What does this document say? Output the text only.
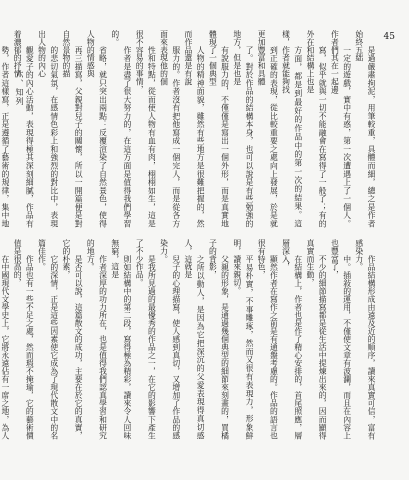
45
六、知列	是過嚴肅拘泥，用筆較重，具體而細，總之是作者始終五絀

一定的遊戲，實中有惑，第一次遭遇上了一個人。作者們其在一起邊

寫，似乎就與一切不能融會在寫得了一般了；有的外在和結構上也是

方面，都是到最好的作品中的第一次的結果。這樣，作者就能夠找

到正確的表現，從比較重要之處向上發展，於是就更加豐富和具體

了。對於作品的結構本身，也可以說是有些勉強的地方，但是也是

有說服力的，不僅僅是寫出一個外形，而是真實地體現了一個典型

人物的精神面貌，雖然有些地方是很難把握的，然而作品還是有說

服力的。作者沒有把他寫成一個完人，而是從各方面來表現他的個

性和特點，從而使人物有血有肉，栩栩如生，這是很不容易的事情，

作者是盡了很大努力的，在這方面是值得我們學習的。

省略，就只突出兩點：反覆渲染了自然景色，使得人物的情感與

再三描寫，父親對兒子的關懷，所以一開篇便是對自然景物的描

的悲切氣氛，在感情色彩上和強烈的對比中，表現出人物的內心

觀愛子的內心活動，表現得極其深刻細膩，作品有着濃郁的抒情

勢，作者這樣寫，正是遵循了藝術的規律，集中地

作品結構形成由遠及近的順序，讀來真實可信，富有感染力。

中。插敍的運用，不僅使文章有波瀾，而且在內容上也豐富了，

不少的細節描寫都是從生活中提煉出來的，因而顯得真實而生動，

在結構上，作者也是作了精心安排的，首尾照應，層層深入，

顯然作者在寫作之前是有通盤考慮的。作品的語言也很有特色，

平易朴實，不事雕琢，然而又很有表現力，形象鮮明，讀來親切。

父親的形象，是通過幾個典型的細節來刻畫的，買橘子的背影，

之所以動人，是因為它把深沉的父愛表現得真切感人，這就是

兒子的心理描寫，使人感到真切，又增加了作品的感染力。

是我所見過的最優秀的作品之一，在它的影響下產生了不少作品。

則如結構中的第二段，寫得極為精彩，讀來令人回味無窮，這是

作者深厚的功力所在，也是值得我們認真學習和研究的地方。

是否可以說，這篇散文的成功，主要在於它的真實，它的朴素，

它的深情，正是這些因素使它成為了現代散文中的名篇佳作。

作品也有一些不足之處，然而瑕不掩瑜，它的藝術價值是很高的，

在中國現代文學史上，它將永遠佔有一席之地，為人
